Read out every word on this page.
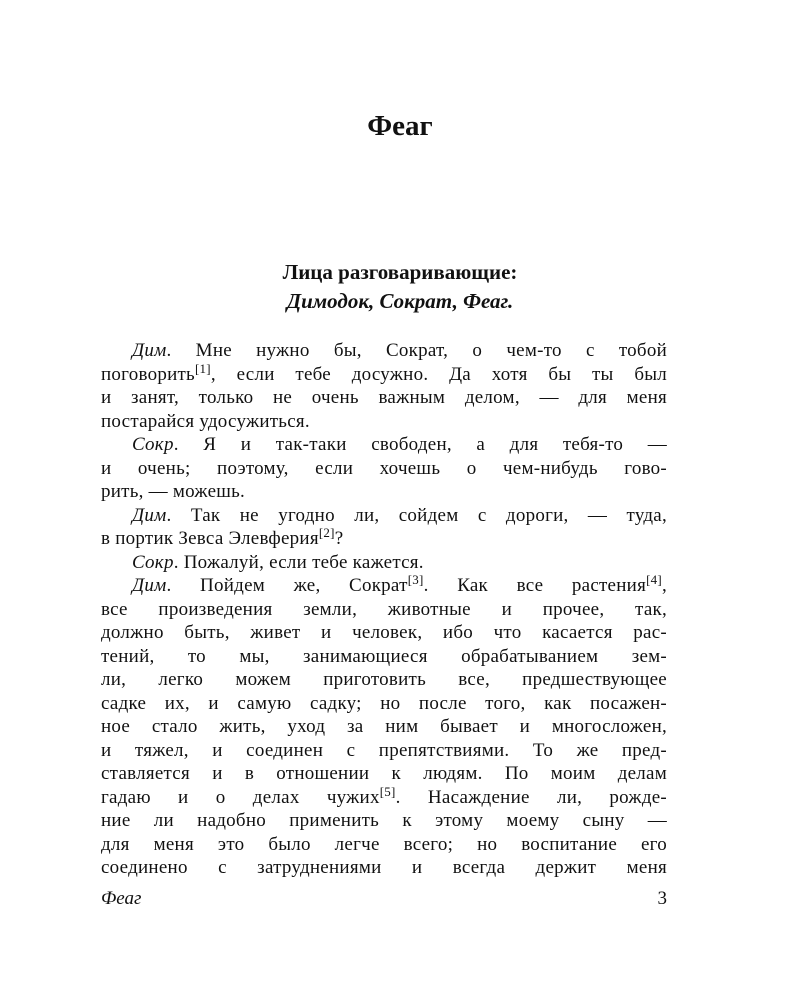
Феаг
Лица разговаривающие:
Димодок, Сократ, Феаг.
Дим. Мне нужно бы, Сократ, о чем-то с тобой
поговорить[1], если тебе досужно. Да хотя бы ты был
и занят, только не очень важным делом, — для меня
постарайся удосужиться.
Сокр. Я и так-таки свободен, а для тебя-то —
и очень; поэтому, если хочешь о чем-нибудь гово-
рить, — можешь.
Дим. Так не угодно ли, сойдем с дороги, — туда,
в портик Зевса Элевферия[2]?
Сокр. Пожалуй, если тебе кажется.
Дим. Пойдем же, Сократ[3]. Как все растения[4],
все произведения земли, животные и прочее, так,
должно быть, живет и человек, ибо что касается рас-
тений, то мы, занимающиеся обрабатыванием зем-
ли, легко можем приготовить все, предшествующее
садке их, и самую садку; но после того, как посажен-
ное стало жить, уход за ним бывает и многосложен,
и тяжел, и соединен с препятствиями. То же пред-
ставляется и в отношении к людям. По моим делам
гадаю и о делах чужих[5]. Насаждение ли, рожде-
ние ли надобно применить к этому моему сыну —
для меня это было легче всего; но воспитание его
соединено с затруднениями и всегда держит меня
Феаг	3
